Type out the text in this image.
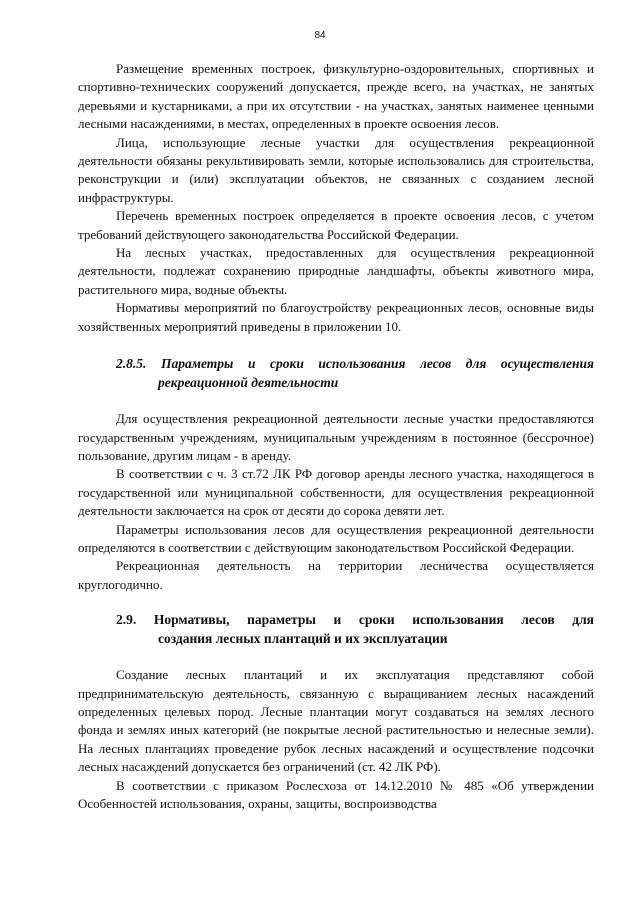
84

Размещение временных построек, физкультурно-оздоровительных, спортивных и спортивно-технических сооружений допускается, прежде всего, на участках, не занятых деревьями и кустарниками, а при их отсутствии - на участках, занятых наименее ценными лесными насаждениями, в местах, определенных в проекте освоения лесов.

Лица, использующие лесные участки для осуществления рекреационной деятельности обязаны рекультивировать земли, которые использовались для строительства, реконструкции и (или) эксплуатации объектов, не связанных с созданием лесной инфраструктуры.

Перечень временных построек определяется в проекте освоения лесов, с учетом требований действующего законодательства Российской Федерации.

На лесных участках, предоставленных для осуществления рекреационной деятельности, подлежат сохранению природные ландшафты, объекты животного мира, растительного мира, водные объекты.

Нормативы мероприятий по благоустройству рекреационных лесов, основные виды хозяйственных мероприятий приведены в приложении 10.

2.8.5. Параметры и сроки использования лесов для осуществления
рекреационной деятельности

Для осуществления рекреационной деятельности лесные участки предоставляются государственным учреждениям, муниципальным учреждениям в постоянное (бессрочное) пользование, другим лицам - в аренду.

В соответствии с ч. 3 ст.72 ЛК РФ договор аренды лесного участка, находящегося в государственной или муниципальной собственности, для осуществления рекреационной деятельности заключается на срок от десяти до сорока девяти лет.

Параметры использования лесов для осуществления рекреационной деятельности определяются в соответствии с действующим законодательством Российской Федерации.

Рекреационная деятельность на территории лесничества осуществляется круглогодично.

2.9. Нормативы, параметры и сроки использования лесов для
создания лесных плантаций и их эксплуатации

Создание лесных плантаций и их эксплуатация представляют собой предпринимательскую деятельность, связанную с выращиванием лесных насаждений определенных целевых пород. Лесные плантации могут создаваться на землях лесного фонда и землях иных категорий (не покрытые лесной растительностью и нелесные земли). На лесных плантациях проведение рубок лесных насаждений и осуществление подсочки лесных насаждений допускается без ограничений (ст. 42 ЛК РФ).

В соответствии с приказом Рослесхоза от 14.12.2010 № 485 «Об утверждении Особенностей использования, охраны, защиты, воспроизводства
